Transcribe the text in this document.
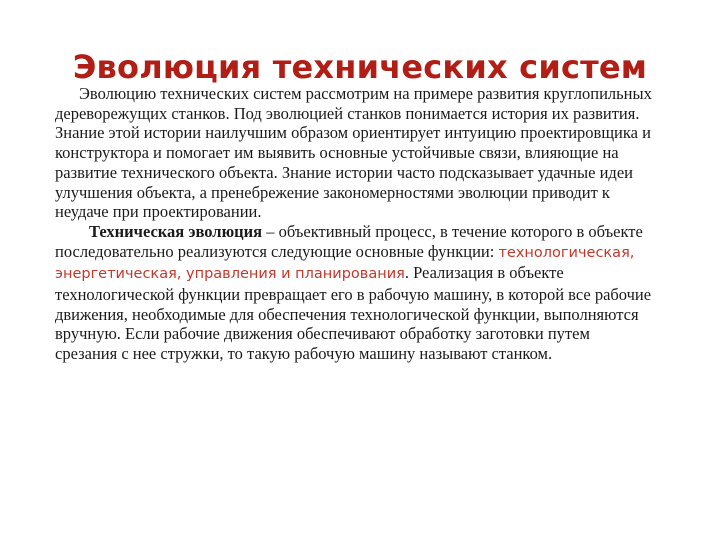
Эволюция технических систем

Эволюцию технических систем рассмотрим на примере развития круглопильных дереворежущих станков. Под эволюцией станков понимается история их развития. Знание этой истории наилучшим образом ориентирует интуицию проектировщика и конструктора и помогает им выявить основные устойчивые связи, влияющие на развитие технического объекта. Знание истории часто подсказывает удачные идеи улучшения объекта, а пренебрежение закономерностями эволюции приводит к неудаче при проектировании.

Техническая эволюция – объективный процесс, в течение которого в объекте последовательно реализуются следующие основные функции: технологическая, энергетическая, управления и планирования. Реализация в объекте технологической функции превращает его в рабочую машину, в которой все рабочие движения, необходимые для обеспечения технологической функции, выполняются вручную. Если рабочие движения обеспечивают обработку заготовки путем срезания с нее стружки, то такую рабочую машину называют станком.
